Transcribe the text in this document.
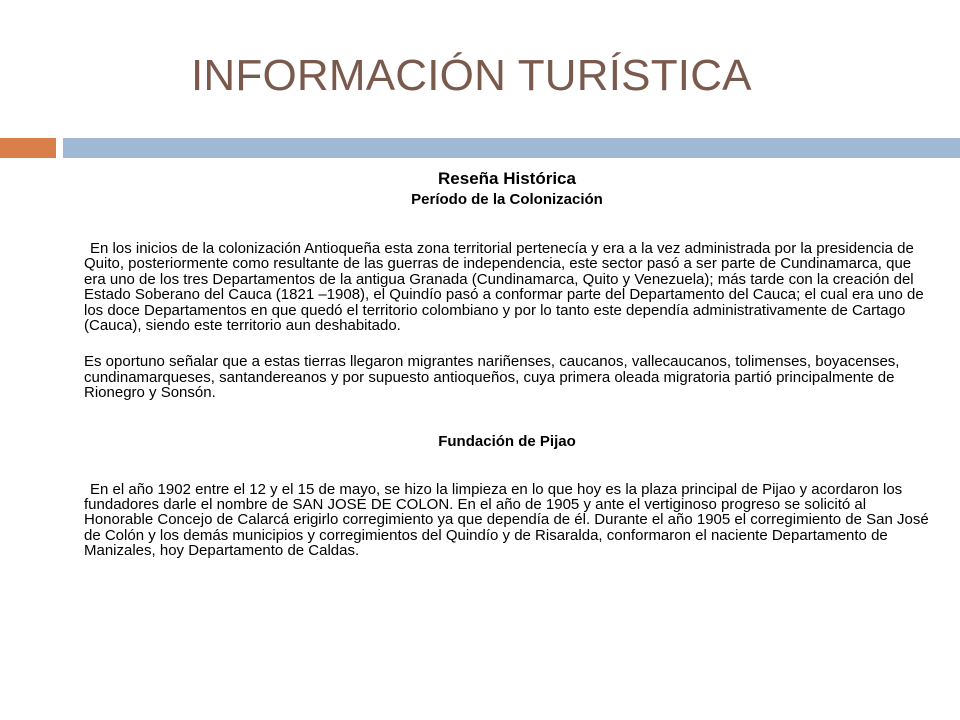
INFORMACIÓN TURÍSTICA

Reseña Histórica

Período de la Colonización

En los inicios de la colonización Antioqueña esta zona territorial pertenecía y era a la vez administrada por la presidencia de Quito, posteriormente como resultante de las guerras de independencia, este sector pasó a ser parte de Cundinamarca, que era uno de los tres Departamentos de la antigua Granada (Cundinamarca, Quito y Venezuela); más tarde con la creación del Estado Soberano del Cauca (1821 –1908), el Quindío pasó a conformar parte del Departamento del Cauca; el cual era uno de los doce Departamentos en que quedó el territorio colombiano y por lo tanto este dependía administrativamente de Cartago (Cauca), siendo este territorio aun deshabitado.

Es oportuno señalar que a estas tierras llegaron migrantes nariñenses, caucanos, vallecaucanos, tolimenses, boyacenses, cundinamarqueses, santandereanos y por supuesto antioqueños, cuya primera oleada migratoria partió principalmente de Rionegro y Sonsón.

Fundación de Pijao

En el año 1902 entre el 12 y el 15 de mayo, se hizo la limpieza en lo que hoy es la plaza principal de Pijao y acordaron los fundadores darle el nombre de SAN JOSE DE COLON. En el año de 1905 y ante el vertiginoso progreso se solicitó al Honorable Concejo de Calarcá erigirlo corregimiento ya que dependía de él. Durante el año 1905 el corregimiento de San José de Colón y los demás municipios y corregimientos del Quindío y de Risaralda, conformaron el naciente Departamento de Manizales, hoy Departamento de Caldas.
